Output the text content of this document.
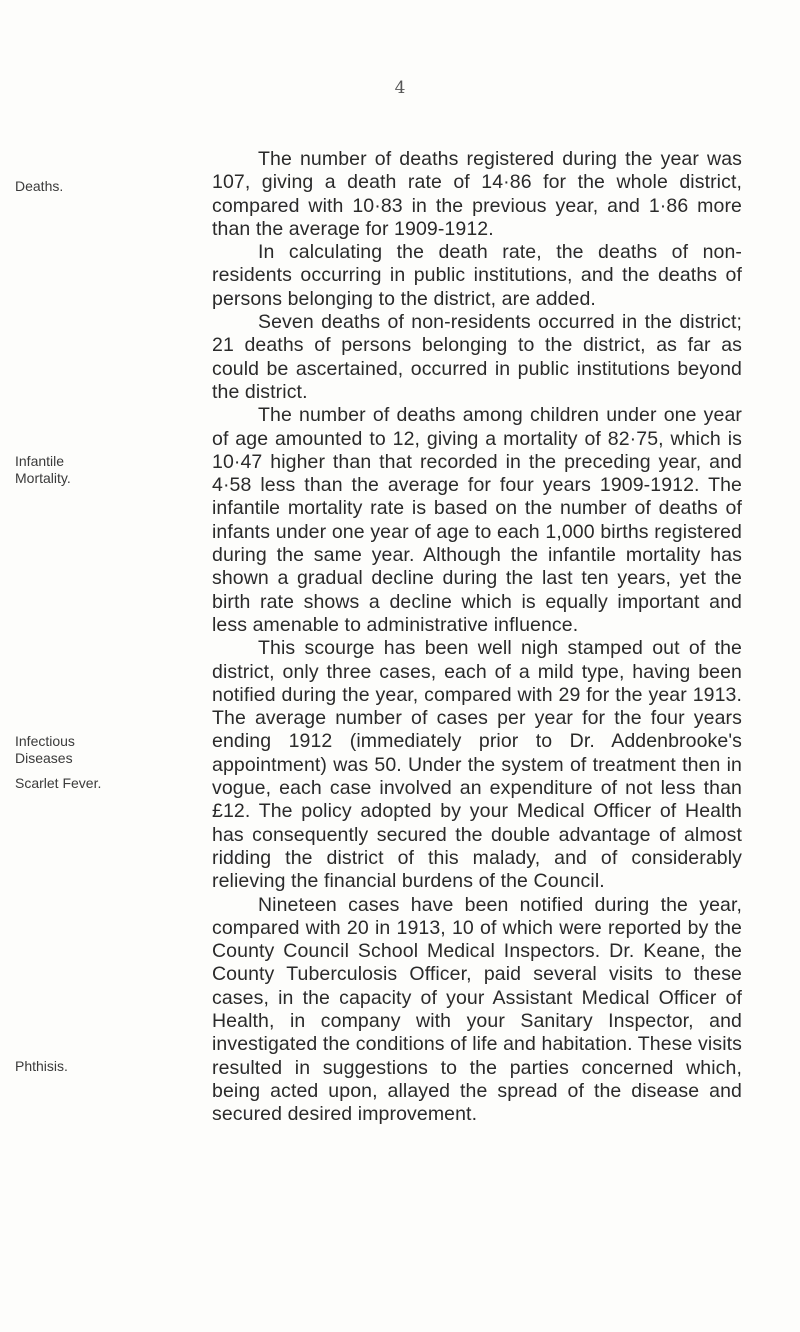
4
Deaths.
Infantile
Mortality.
Infectious
Diseases
Scarlet Fever.
Phthisis.

The number of deaths registered during the year was 107, giving a death rate of 14·86 for the whole district, compared with 10·83 in the previous year, and 1·86 more than the average for 1909-1912.

In calculating the death rate, the deaths of non-residents occurring in public institutions, and the deaths of persons belonging to the district, are added.

Seven deaths of non-residents occurred in the district; 21 deaths of persons belonging to the district, as far as could be ascertained, occurred in public institutions beyond the district.

The number of deaths among children under one year of age amounted to 12, giving a mortality of 82·75, which is 10·47 higher than that recorded in the preceding year, and 4·58 less than the average for four years 1909-1912. The infantile mortality rate is based on the number of deaths of infants under one year of age to each 1,000 births registered during the same year. Although the infantile mortality has shown a gradual decline during the last ten years, yet the birth rate shows a decline which is equally important and less amenable to administrative influence.

This scourge has been well nigh stamped out of the district, only three cases, each of a mild type, having been notified during the year, compared with 29 for the year 1913. The average number of cases per year for the four years ending 1912 (immediately prior to Dr. Addenbrooke's appointment) was 50. Under the system of treatment then in vogue, each case involved an expenditure of not less than £12. The policy adopted by your Medical Officer of Health has consequently secured the double advantage of almost ridding the district of this malady, and of considerably relieving the financial burdens of the Council.

Nineteen cases have been notified during the year, compared with 20 in 1913, 10 of which were reported by the County Council School Medical Inspectors. Dr. Keane, the County Tuberculosis Officer, paid several visits to these cases, in the capacity of your Assistant Medical Officer of Health, in company with your Sanitary Inspector, and investigated the conditions of life and habitation. These visits resulted in suggestions to the parties concerned which, being acted upon, allayed the spread of the disease and secured desired improvement.
